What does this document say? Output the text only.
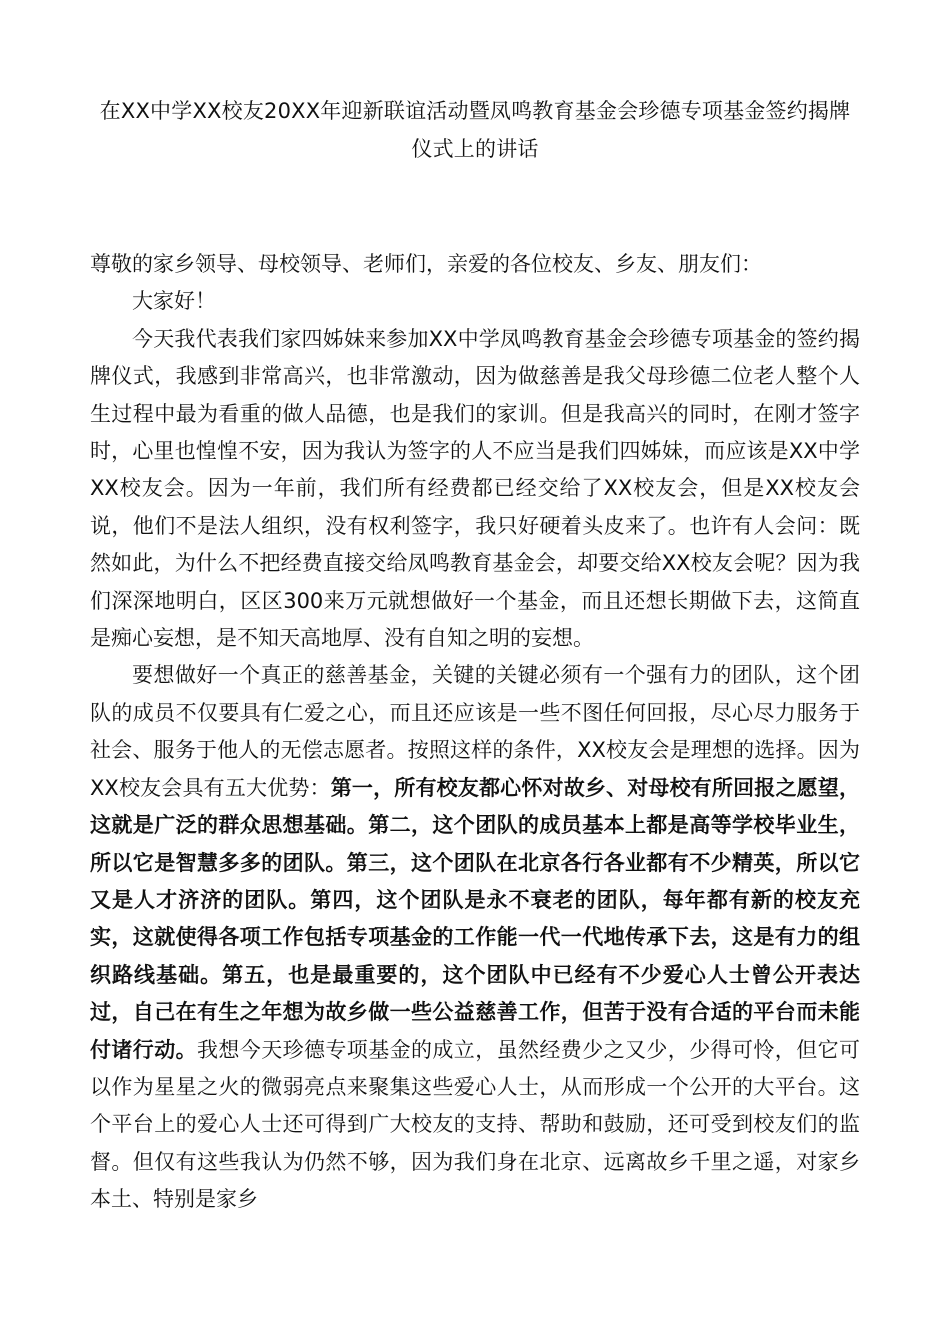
在XX中学XX校友20XX年迎新联谊活动暨凤鸣教育基金会珍德专项基金签约揭牌仪式上的讲话

尊敬的家乡领导、母校领导、老师们，亲爱的各位校友、乡友、朋友们：

大家好！

今天我代表我们家四姊妹来参加XX中学凤鸣教育基金会珍德专项基金的签约揭牌仪式，我感到非常高兴，也非常激动，因为做慈善是我父母珍德二位老人整个人生过程中最为看重的做人品德，也是我们的家训。但是我高兴的同时，在刚才签字时，心里也惶惶不安，因为我认为签字的人不应当是我们四姊妹，而应该是XX中学XX校友会。因为一年前，我们所有经费都已经交给了XX校友会，但是XX校友会说，他们不是法人组织，没有权利签字，我只好硬着头皮来了。也许有人会问：既然如此，为什么不把经费直接交给凤鸣教育基金会，却要交给XX校友会呢？因为我们深深地明白，区区300来万元就想做好一个基金，而且还想长期做下去，这简直是痴心妄想，是不知天高地厚、没有自知之明的妄想。

要想做好一个真正的慈善基金，关键的关键必须有一个强有力的团队，这个团队的成员不仅要具有仁爱之心，而且还应该是一些不图任何回报，尽心尽力服务于社会、服务于他人的无偿志愿者。按照这样的条件，XX校友会是理想的选择。因为XX校友会具有五大优势：第一，所有校友都心怀对故乡、对母校有所回报之愿望，这就是广泛的群众思想基础。第二，这个团队的成员基本上都是高等学校毕业生，所以它是智慧多多的团队。第三，这个团队在北京各行各业都有不少精英，所以它又是人才济济的团队。第四，这个团队是永不衰老的团队，每年都有新的校友充实，这就使得各项工作包括专项基金的工作能一代一代地传承下去，这是有力的组织路线基础。第五，也是最重要的，这个团队中已经有不少爱心人士曾公开表达过，自己在有生之年想为故乡做一些公益慈善工作，但苦于没有合适的平台而未能付诸行动。我想今天珍德专项基金的成立，虽然经费少之又少，少得可怜，但它可以作为星星之火的微弱亮点来聚集这些爱心人士，从而形成一个公开的大平台。这个平台上的爱心人士还可得到广大校友的支持、帮助和鼓励，还可受到校友们的监督。但仅有这些我认为仍然不够，因为我们身在北京、远离故乡千里之遥，对家乡本土、特别是家乡
